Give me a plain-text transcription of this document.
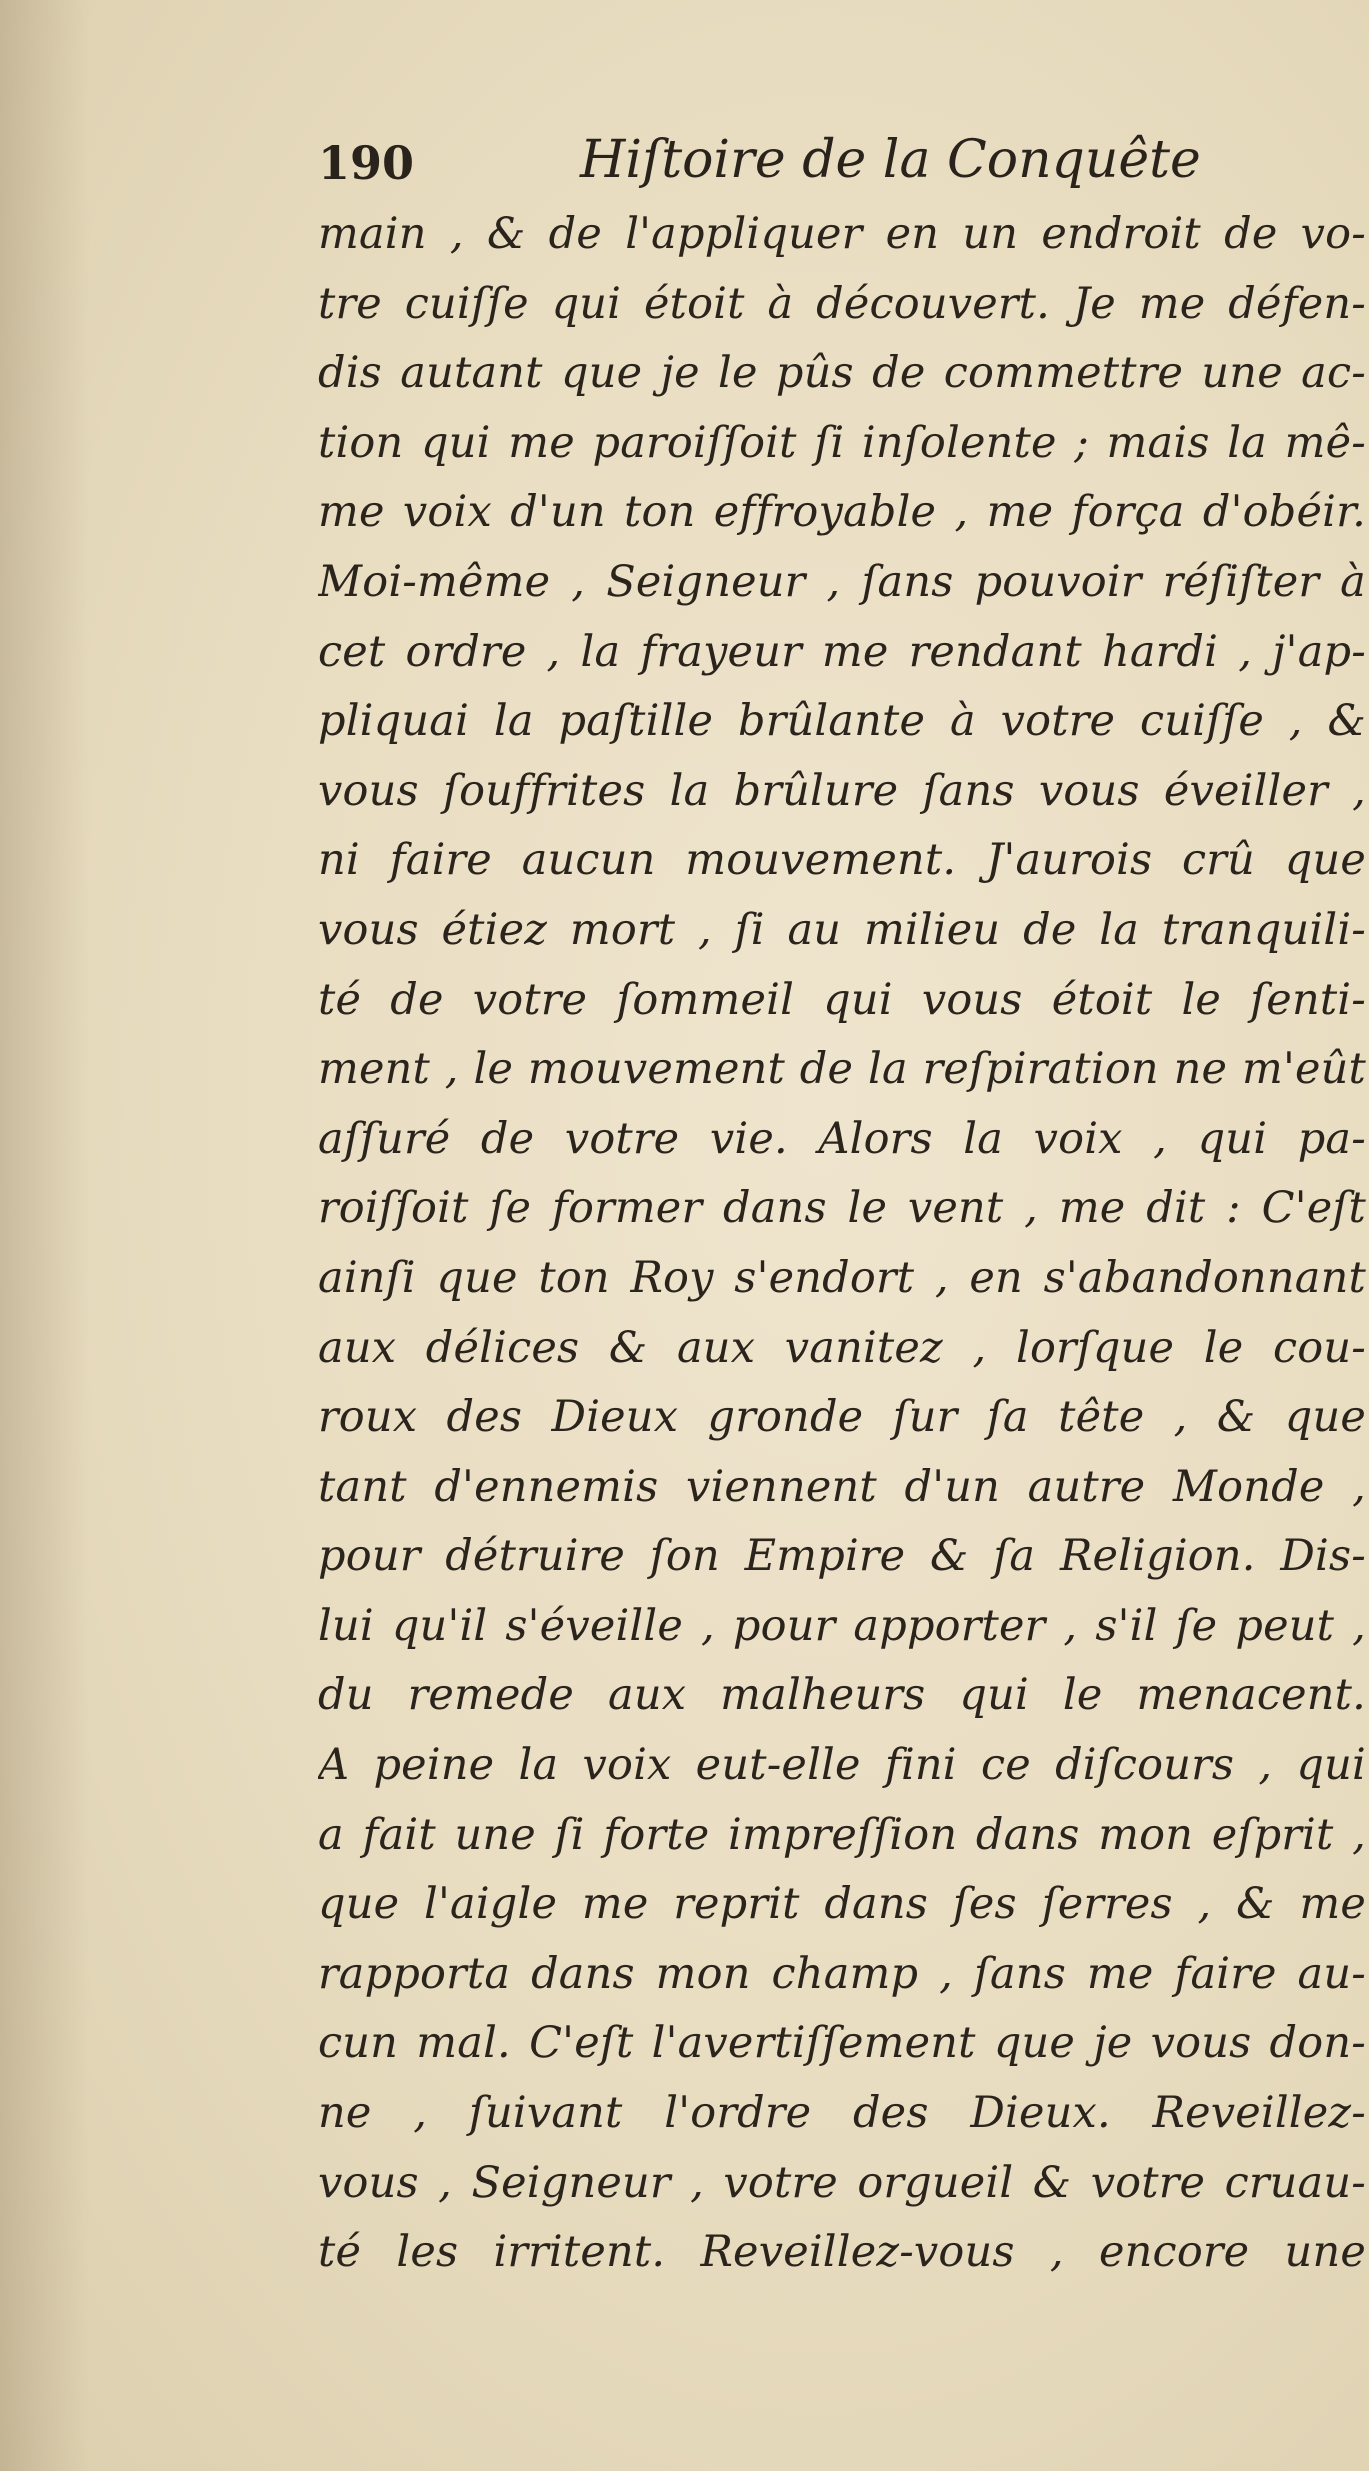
190	Hiſtoire de la Conquête
main , & de l'appliquer en un endroit de vo-
tre cuiſſe qui étoit à découvert. Je me défen-
dis autant que je le pûs de commettre une ac-
tion qui me paroiſſoit ſi inſolente ; mais la mê-
me voix d'un ton effroyable , me força d'obéir.
Moi-même , Seigneur , ſans pouvoir réſiſter à
cet ordre , la frayeur me rendant hardi , j'ap-
pliquai la paſtille brûlante à votre cuiſſe , &
vous ſouffrites la brûlure ſans vous éveiller ,
ni faire aucun mouvement. J'aurois crû que
vous étiez mort , ſi au milieu de la tranquili-
té de votre ſommeil qui vous étoit le ſenti-
ment , le mouvement de la reſpiration ne m'eût
aſſuré de votre vie. Alors la voix , qui pa-
roiſſoit ſe former dans le vent , me dit : C'eſt
ainſi que ton Roy s'endort , en s'abandonnant
aux délices & aux vanitez , lorſque le cou-
roux des Dieux gronde ſur ſa tête , & que
tant d'ennemis viennent d'un autre Monde ,
pour détruire ſon Empire & ſa Religion. Dis-
lui qu'il s'éveille , pour apporter , s'il ſe peut ,
du remede aux malheurs qui le menacent.
A peine la voix eut-elle fini ce diſcours , qui
a fait une ſi forte impreſſion dans mon eſprit ,
que l'aigle me reprit dans ſes ſerres , & me
rapporta dans mon champ , ſans me faire au-
cun mal. C'eſt l'avertiſſement que je vous don-
ne , ſuivant l'ordre des Dieux. Reveillez-
vous , Seigneur , votre orgueil & votre cruau-
té les irritent. Reveillez-vous , encore une
